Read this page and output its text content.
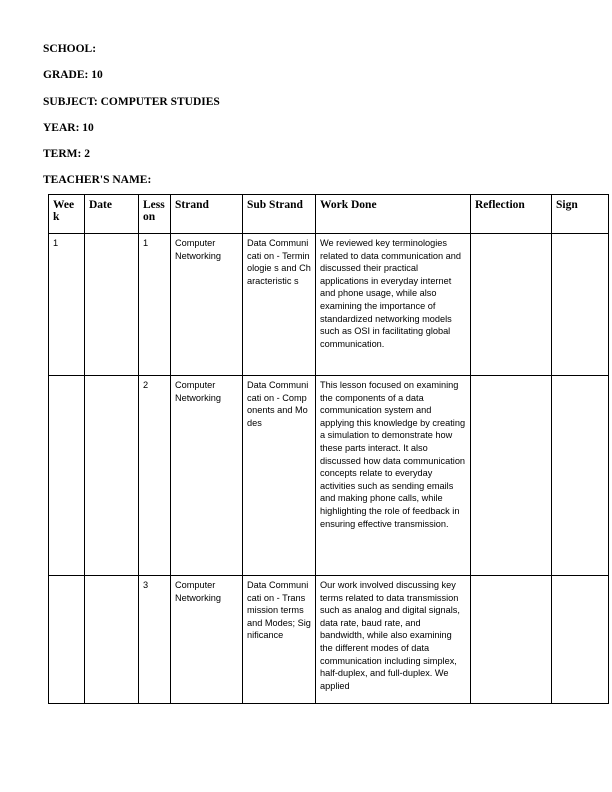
SCHOOL:
GRADE: 10
SUBJECT: COMPUTER STUDIES
YEAR: 10
TERM: 2
TEACHER'S NAME:
Wee k	Date	Less on	Strand	Sub Strand	Work Done	Reflection	Sign
1		1	Computer Networking	Data Communicati on - Terminologie s and Characteristic s	We reviewed key terminologies related to data communication and discussed their practical applications in everyday internet and phone usage, while also examining the importance of standardized networking models such as OSI in facilitating global communication.		
		2	Computer Networking	Data Communicati on - Components and Modes	This lesson focused on examining the components of a data communication system and applying this knowledge by creating a simulation to demonstrate how these parts interact. It also discussed how data communication concepts relate to everyday activities such as sending emails and making phone calls, while highlighting the role of feedback in ensuring effective transmission.		
		3	Computer Networking	Data Communicati on - Transmission terms and Modes; Significance	Our work involved discussing key terms related to data transmission such as analog and digital signals, data rate, baud rate, and bandwidth, while also examining the different modes of data communication including simplex, half-duplex, and full-duplex. We applied		
